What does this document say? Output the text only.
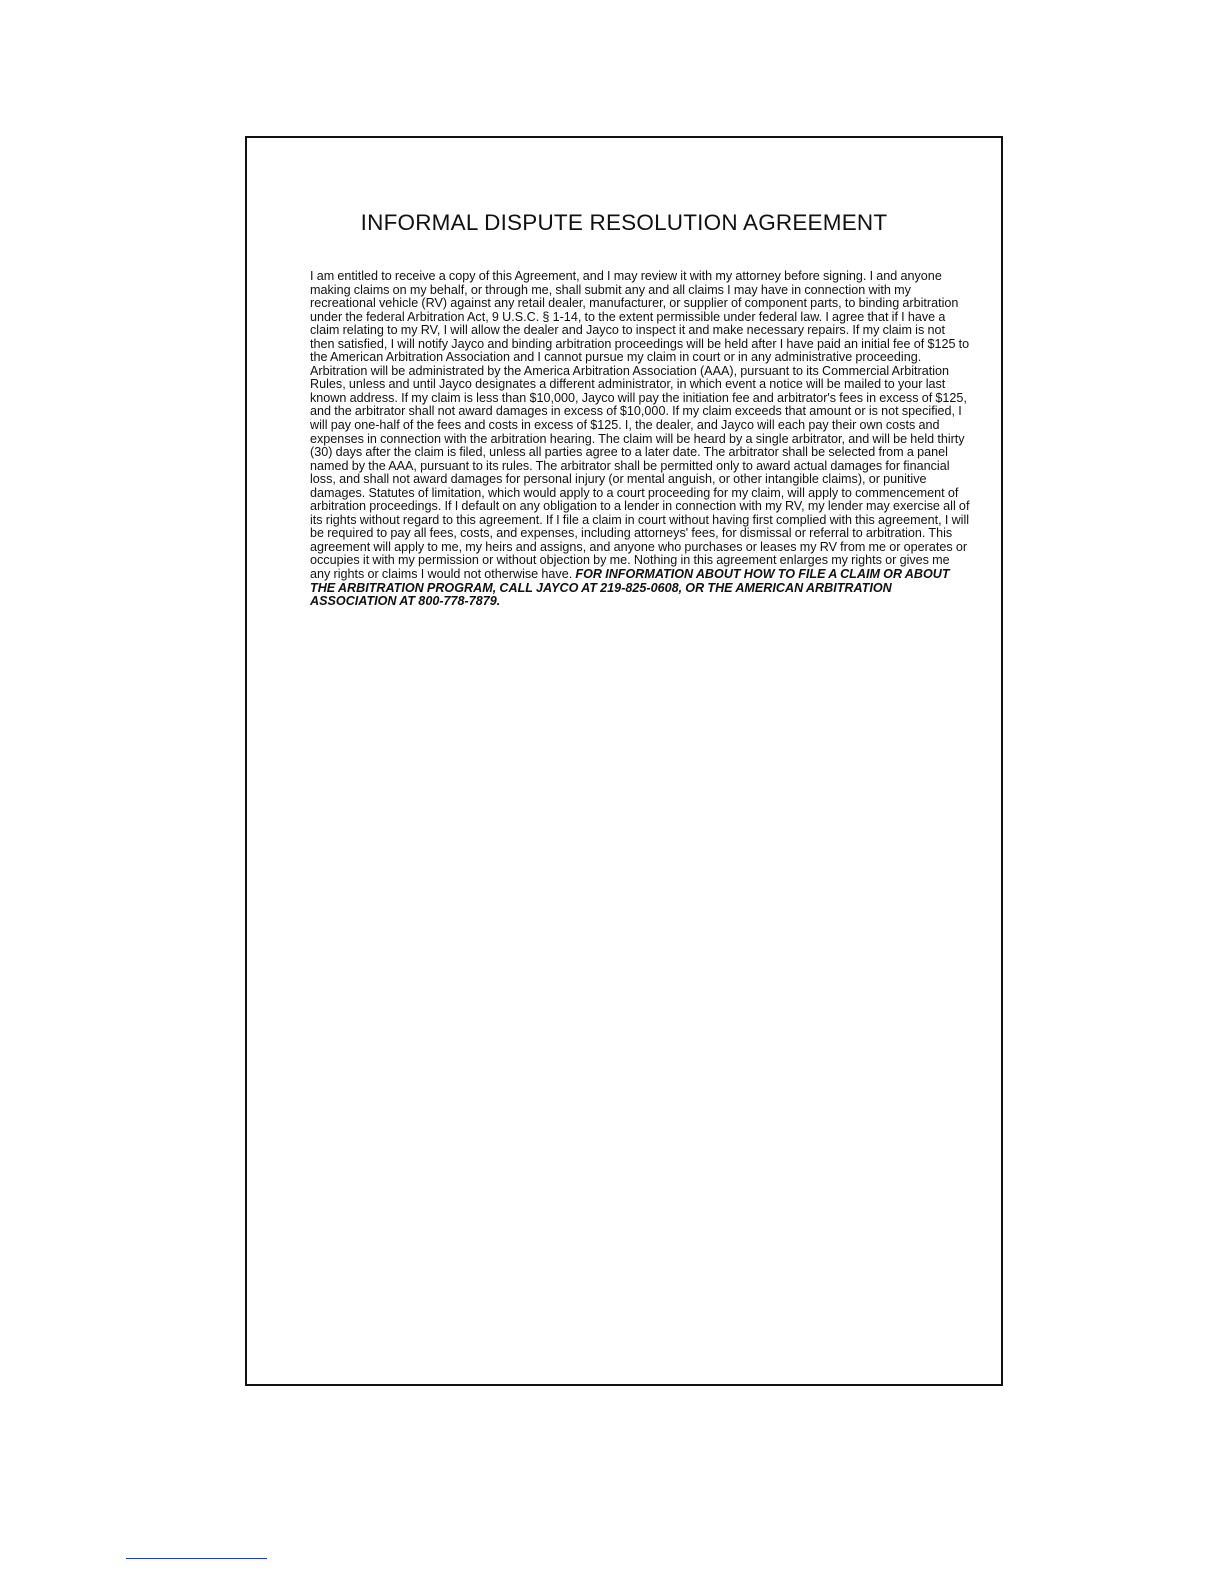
INFORMAL DISPUTE RESOLUTION AGREEMENT

I am entitled to receive a copy of this Agreement, and I may review it with my attorney before signing. I and anyone making claims on my behalf, or through me, shall submit any and all claims I may have in connection with my recreational vehicle (RV) against any retail dealer, manufacturer, or supplier of component parts, to binding arbitration under the federal Arbitration Act, 9 U.S.C. § 1-14, to the extent permissible under federal law. I agree that if I have a claim relating to my RV, I will allow the dealer and Jayco to inspect it and make necessary repairs. If my claim is not then satisfied, I will notify Jayco and binding arbitration proceedings will be held after I have paid an initial fee of $125 to the American Arbitration Association and I cannot pursue my claim in court or in any administrative proceeding. Arbitration will be administrated by the America Arbitration Association (AAA), pursuant to its Commercial Arbitration Rules, unless and until Jayco designates a different administrator, in which event a notice will be mailed to your last known address. If my claim is less than $10,000, Jayco will pay the initiation fee and arbitrator's fees in excess of $125, and the arbitrator shall not award damages in excess of $10,000. If my claim exceeds that amount or is not specified, I will pay one-half of the fees and costs in excess of $125. I, the dealer, and Jayco will each pay their own costs and expenses in connection with the arbitration hearing. The claim will be heard by a single arbitrator, and will be held thirty (30) days after the claim is filed, unless all parties agree to a later date. The arbitrator shall be selected from a panel named by the AAA, pursuant to its rules. The arbitrator shall be permitted only to award actual damages for financial loss, and shall not award damages for personal injury (or mental anguish, or other intangible claims), or punitive damages. Statutes of limitation, which would apply to a court proceeding for my claim, will apply to commencement of arbitration proceedings. If I default on any obligation to a lender in connection with my RV, my lender may exercise all of its rights without regard to this agreement. If I file a claim in court without having first complied with this agreement, I will be required to pay all fees, costs, and expenses, including attorneys' fees, for dismissal or referral to arbitration. This agreement will apply to me, my heirs and assigns, and anyone who purchases or leases my RV from me or operates or occupies it with my permission or without objection by me. Nothing in this agreement enlarges my rights or gives me any rights or claims I would not otherwise have. FOR INFORMATION ABOUT HOW TO FILE A CLAIM OR ABOUT THE ARBITRATION PROGRAM, CALL JAYCO AT 219-825-0608, OR THE AMERICAN ARBITRATION ASSOCIATION AT 800-778-7879.
